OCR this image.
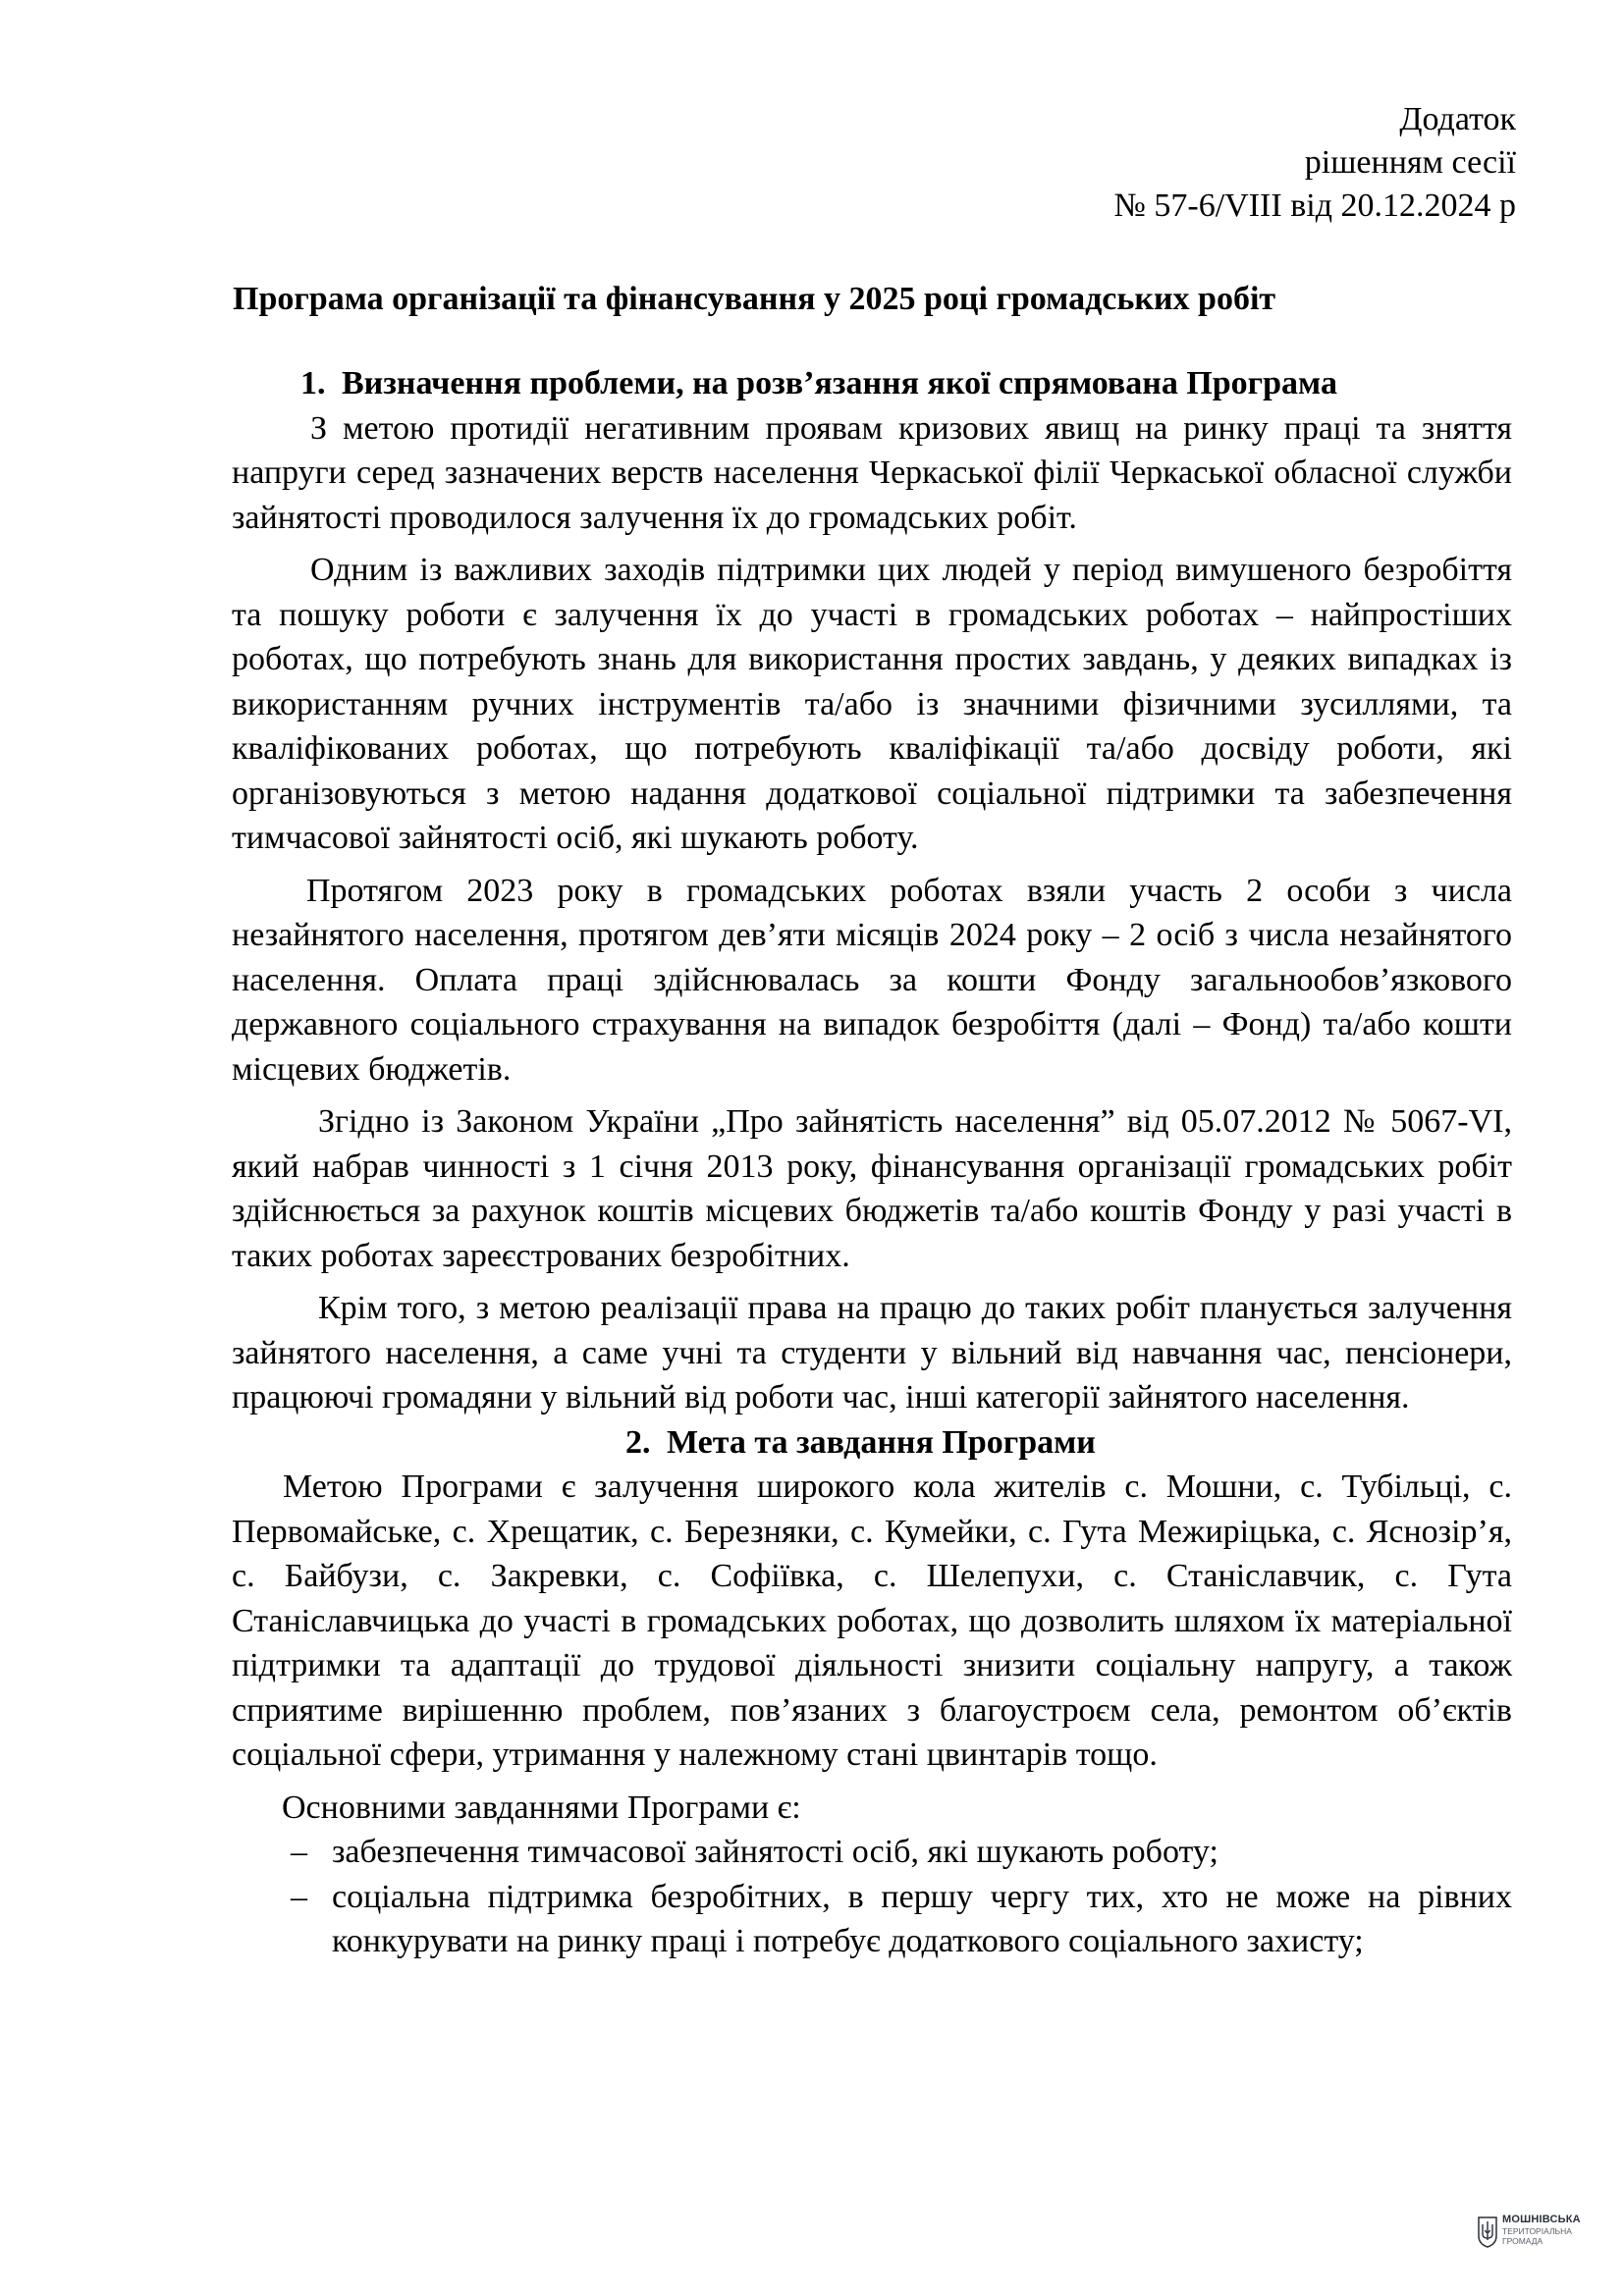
Додаток
рішенням сесії
№ 57-6/VIII від 20.12.2024 р
Програма організації та фінансування у 2025 році громадських робіт
1. Визначення проблеми, на розв’язання якої спрямована Програма

З метою протидії негативним проявам кризових явищ на ринку праці та зняття напруги серед зазначених верств населення Черкаської філії Черкаської обласної служби зайнятості проводилося залучення їх до громадських робіт.

Одним із важливих заходів підтримки цих людей у період вимушеного безробіття та пошуку роботи є залучення їх до участі в громадських роботах – найпростіших роботах, що потребують знань для використання простих завдань, у деяких випадках із використанням ручних інструментів та/або із значними фізичними зусиллями, та кваліфікованих роботах, що потребують кваліфікації та/або досвіду роботи, які організовуються з метою надання додаткової соціальної підтримки та забезпечення тимчасової зайнятості осіб, які шукають роботу.

Протягом 2023 року в громадських роботах взяли участь 2 особи з числа незайнятого населення, протягом дев’яти місяців 2024 року – 2 осіб з числа незайнятого населення. Оплата праці здійснювалась за кошти Фонду загальнообов’язкового державного соціального страхування на випадок безробіття (далі – Фонд) та/або кошти місцевих бюджетів.

Згідно із Законом України „Про зайнятість населення” від 05.07.2012 № 5067-VI, який набрав чинності з 1 січня 2013 року, фінансування організації громадських робіт здійснюється за рахунок коштів місцевих бюджетів та/або коштів Фонду у разі участі в таких роботах зареєстрованих безробітних.

Крім того, з метою реалізації права на працю до таких робіт планується залучення зайнятого населення, а саме учні та студенти у вільний від навчання час, пенсіонери, працюючі громадяни у вільний від роботи час, інші категорії зайнятого населення.

2. Мета та завдання Програми

Метою Програми є залучення широкого кола жителів с. Мошни, с. Тубільці, с. Первомайське, с. Хрещатик, с. Березняки, с. Кумейки, с. Гута Межиріцька, с. Яснозір’я, с. Байбузи, с. Закревки, с. Софіївка, с. Шелепухи, с. Станіславчик, с. Гута Станіславчицька до участі в громадських роботах, що дозволить шляхом їх матеріальної підтримки та адаптації до трудової діяльності знизити соціальну напругу, а також сприятиме вирішенню проблем, пов’язаних з благоустроєм села, ремонтом об’єктів соціальної сфери, утримання у належному стані цвинтарів тощо.

Основними завданнями Програми є:

– забезпечення тимчасової зайнятості осіб, які шукають роботу;
– соціальна підтримка безробітних, в першу чергу тих, хто не може на рівних конкурувати на ринку праці і потребує додаткового соціального захисту;
МОШНІВСЬКА
ТЕРИТОРІАЛЬНА
ГРОМАДА
